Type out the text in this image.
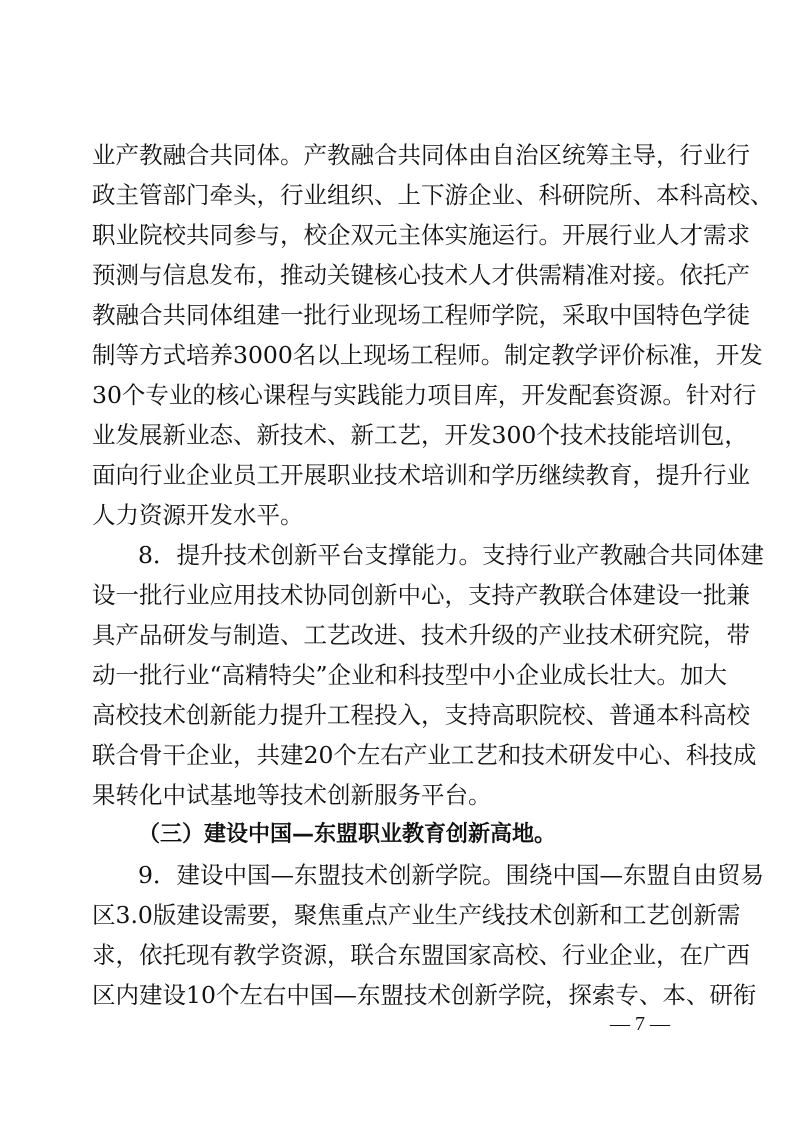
业产教融合共同体。产教融合共同体由自治区统筹主导，行业行
政主管部门牵头，行业组织、上下游企业、科研院所、本科高校、
职业院校共同参与，校企双元主体实施运行。开展行业人才需求
预测与信息发布，推动关键核心技术人才供需精准对接。依托产
教融合共同体组建一批行业现场工程师学院，采取中国特色学徒
制等方式培养3000名以上现场工程师。制定教学评价标准，开发
30个专业的核心课程与实践能力项目库，开发配套资源。针对行
业发展新业态、新技术、新工艺，开发300个技术技能培训包，
面向行业企业员工开展职业技术培训和学历继续教育，提升行业
人力资源开发水平。
8．提升技术创新平台支撑能力。支持行业产教融合共同体建
设一批行业应用技术协同创新中心，支持产教联合体建设一批兼
具产品研发与制造、工艺改进、技术升级的产业技术研究院，带
动一批行业“高精特尖”企业和科技型中小企业成长壮大。加大
高校技术创新能力提升工程投入，支持高职院校、普通本科高校
联合骨干企业，共建20个左右产业工艺和技术研发中心、科技成
果转化中试基地等技术创新服务平台。
（三）建设中国—东盟职业教育创新高地。
9．建设中国—东盟技术创新学院。围绕中国—东盟自由贸易
区3.0版建设需要，聚焦重点产业生产线技术创新和工艺创新需
求，依托现有教学资源，联合东盟国家高校、行业企业，在广西
区内建设10个左右中国—东盟技术创新学院，探索专、本、研衔
— 7 —
